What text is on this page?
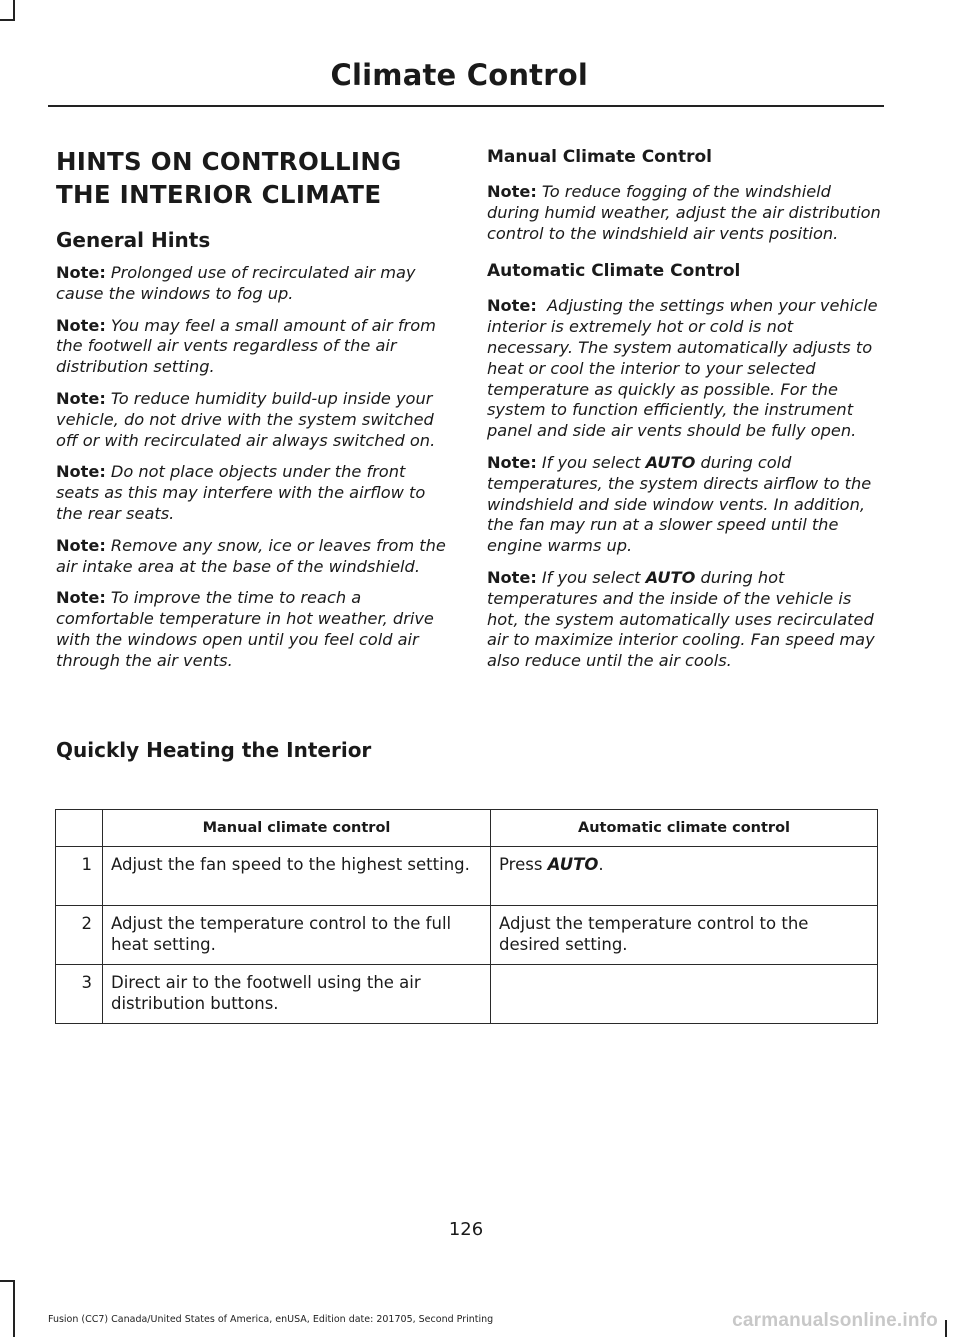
Climate Control
HINTS ON CONTROLLING THE INTERIOR CLIMATE
General Hints

Note: Prolonged use of recirculated air may cause the windows to fog up.

Note: You may feel a small amount of air from the footwell air vents regardless of the air distribution setting.

Note: To reduce humidity build-up inside your vehicle, do not drive with the system switched off or with recirculated air always switched on.

Note: Do not place objects under the front seats as this may interfere with the airflow to the rear seats.

Note: Remove any snow, ice or leaves from the air intake area at the base of the windshield.

Note: To improve the time to reach a comfortable temperature in hot weather, drive with the windows open until you feel cold air through the air vents.

Manual Climate Control

Note: To reduce fogging of the windshield during humid weather, adjust the air distribution control to the windshield air vents position.

Automatic Climate Control

Note: Adjusting the settings when your vehicle interior is extremely hot or cold is not necessary. The system automatically adjusts to heat or cool the interior to your selected temperature as quickly as possible. For the system to function efficiently, the instrument panel and side air vents should be fully open.

Note: If you select AUTO during cold temperatures, the system directs airflow to the windshield and side window vents. In addition, the fan may run at a slower speed until the engine warms up.

Note: If you select AUTO during hot temperatures and the inside of the vehicle is hot, the system automatically uses recirculated air to maximize interior cooling. Fan speed may also reduce until the air cools.

Quickly Heating the Interior
	Manual climate control	Automatic climate control
1	Adjust the fan speed to the highest setting.	Press AUTO.
2	Adjust the temperature control to the full heat setting.	Adjust the temperature control to the desired setting.
3	Direct air to the footwell using the air distribution buttons.	
126
Fusion (CC7) Canada/United States of America, enUSA, Edition date: 201705, Second Printing	carmanualsonline.info
